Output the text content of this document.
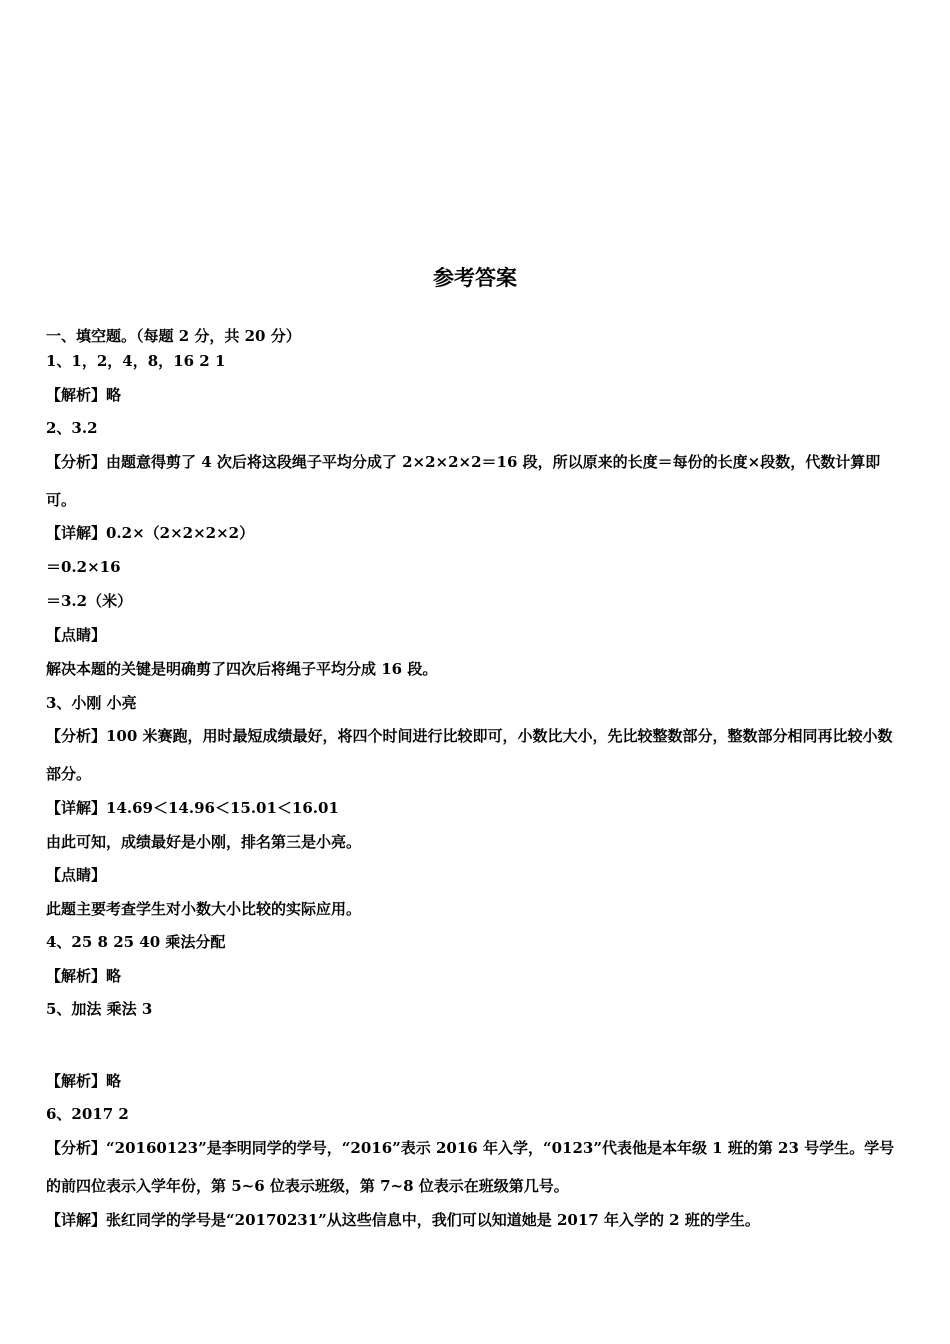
参考答案
一、填空题。（每题 2 分，共 20 分）
1、1，2，4，8，16 2 1
【解析】略
2、3.2
【分析】由题意得剪了 4 次后将这段绳子平均分成了 2×2×2×2＝16 段，所以原来的长度＝每份的长度×段数，代数计算即可。
【详解】0.2×（2×2×2×2）
＝0.2×16
＝3.2（米）
【点睛】
解决本题的关键是明确剪了四次后将绳子平均分成 16 段。
3、小刚 小亮
【分析】100 米赛跑，用时最短成绩最好，将四个时间进行比较即可，小数比大小，先比较整数部分，整数部分相同再比较小数部分。
【详解】14.69＜14.96＜15.01＜16.01
由此可知，成绩最好是小刚，排名第三是小亮。
【点睛】
此题主要考查学生对小数大小比较的实际应用。
4、25 8 25 40 乘法分配
【解析】略
5、加法 乘法 3
【解析】略
6、2017 2
【分析】“20160123”是李明同学的学号，“2016”表示 2016 年入学，“0123”代表他是本年级 1 班的第 23 号学生。学号的前四位表示入学年份，第 5~6 位表示班级，第 7~8 位表示在班级第几号。
【详解】张红同学的学号是“20170231”从这些信息中，我们可以知道她是 2017 年入学的 2 班的学生。
